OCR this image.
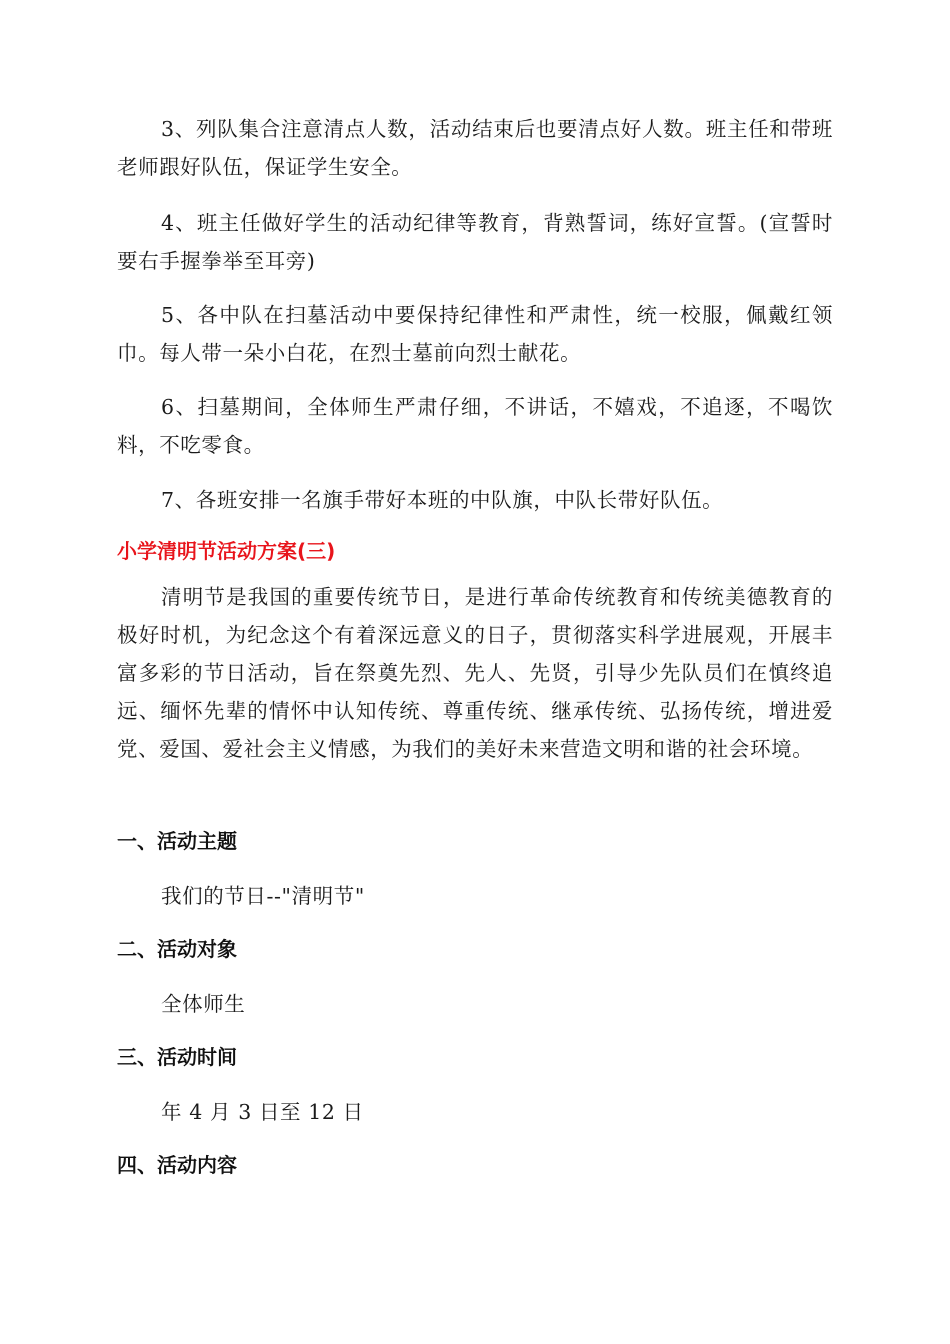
3、列队集合注意清点人数，活动结束后也要清点好人数。班主任和带班老师跟好队伍，保证学生安全。

4、班主任做好学生的活动纪律等教育，背熟誓词，练好宣誓。(宣誓时要右手握拳举至耳旁)

5、各中队在扫墓活动中要保持纪律性和严肃性，统一校服，佩戴红领巾。每人带一朵小白花，在烈士墓前向烈士献花。

6、扫墓期间，全体师生严肃仔细，不讲话，不嬉戏，不追逐，不喝饮料，不吃零食。

7、各班安排一名旗手带好本班的中队旗，中队长带好队伍。

小学清明节活动方案(三)

清明节是我国的重要传统节日，是进行革命传统教育和传统美德教育的极好时机，为纪念这个有着深远意义的日子，贯彻落实科学进展观，开展丰富多彩的节日活动，旨在祭奠先烈、先人、先贤，引导少先队员们在慎终追远、缅怀先辈的情怀中认知传统、尊重传统、继承传统、弘扬传统，增进爱党、爱国、爱社会主义情感，为我们的美好未来营造文明和谐的社会环境。

一、活动主题

我们的节日--"清明节"

二、活动对象

全体师生

三、活动时间

年 4 月 3 日至 12 日

四、活动内容
